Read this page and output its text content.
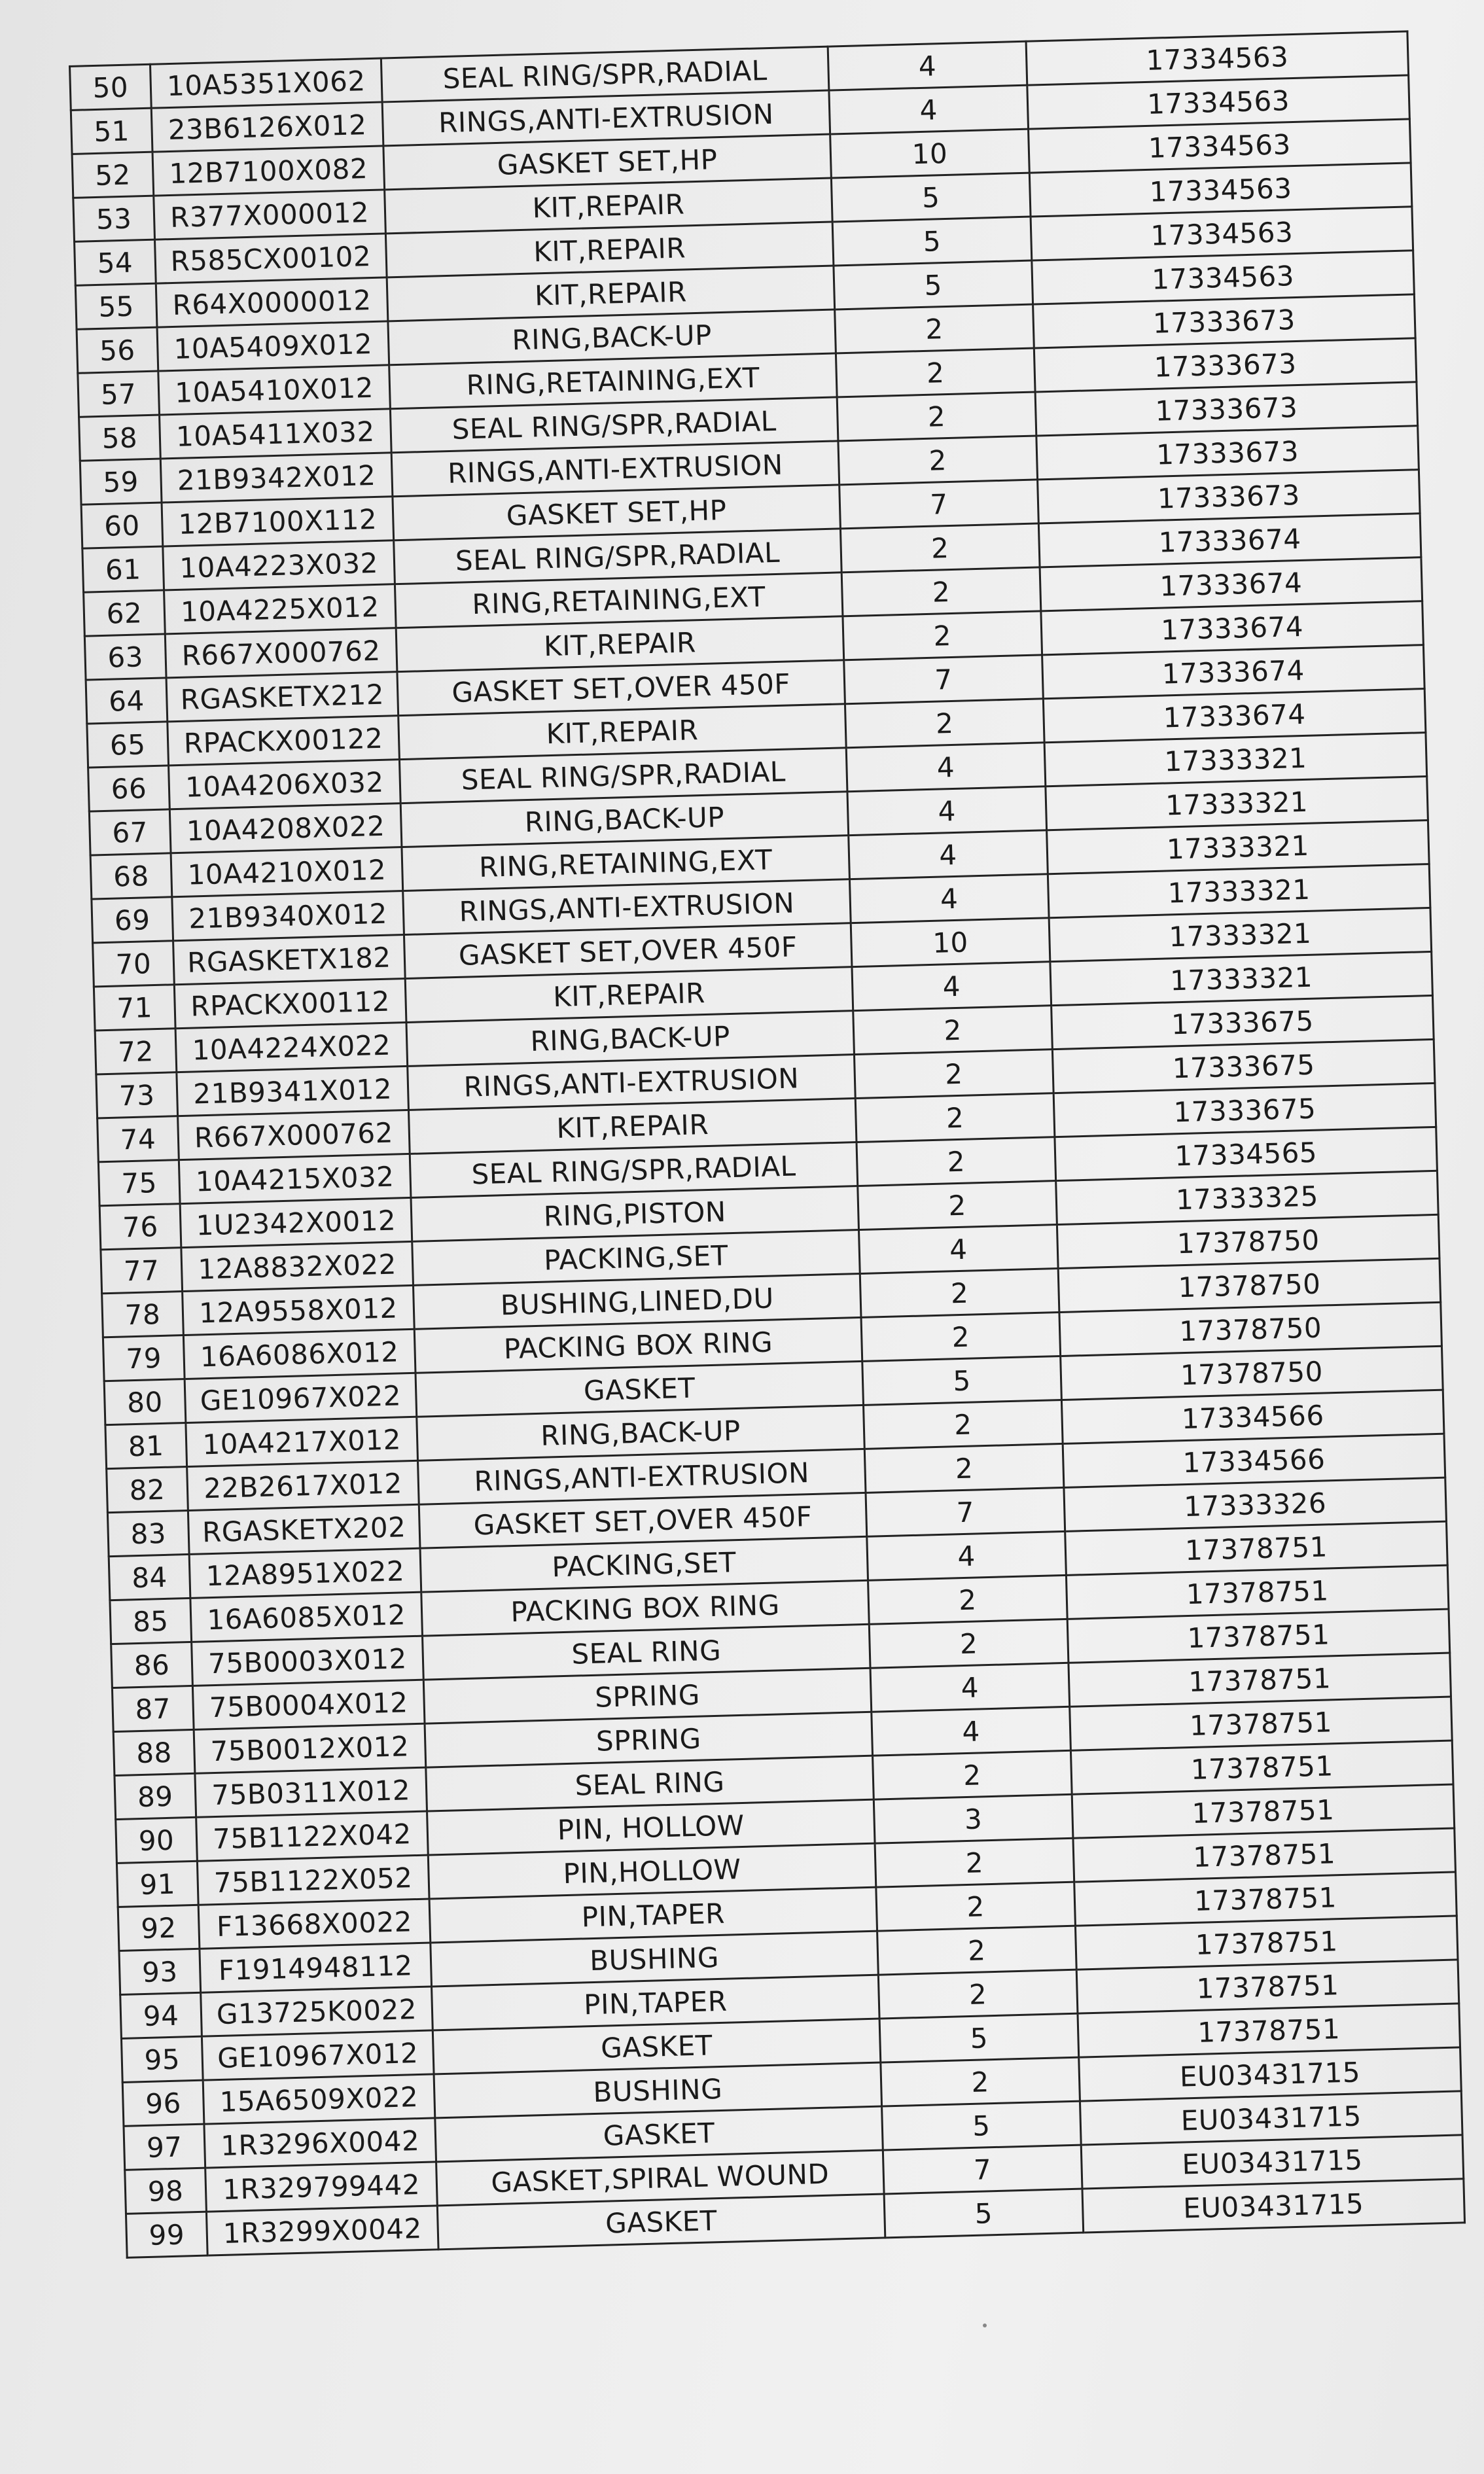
50	10A5351X062	SEAL RING/SPR,RADIAL	4	17334563
51	23B6126X012	RINGS,ANTI-EXTRUSION	4	17334563
52	12B7100X082	GASKET SET,HP	10	17334563
53	R377X000012	KIT,REPAIR	5	17334563
54	R585CX00102	KIT,REPAIR	5	17334563
55	R64X0000012	KIT,REPAIR	5	17334563
56	10A5409X012	RING,BACK-UP	2	17333673
57	10A5410X012	RING,RETAINING,EXT	2	17333673
58	10A5411X032	SEAL RING/SPR,RADIAL	2	17333673
59	21B9342X012	RINGS,ANTI-EXTRUSION	2	17333673
60	12B7100X112	GASKET SET,HP	7	17333673
61	10A4223X032	SEAL RING/SPR,RADIAL	2	17333674
62	10A4225X012	RING,RETAINING,EXT	2	17333674
63	R667X000762	KIT,REPAIR	2	17333674
64	RGASKETX212	GASKET SET,OVER 450F	7	17333674
65	RPACKX00122	KIT,REPAIR	2	17333674
66	10A4206X032	SEAL RING/SPR,RADIAL	4	17333321
67	10A4208X022	RING,BACK-UP	4	17333321
68	10A4210X012	RING,RETAINING,EXT	4	17333321
69	21B9340X012	RINGS,ANTI-EXTRUSION	4	17333321
70	RGASKETX182	GASKET SET,OVER 450F	10	17333321
71	RPACKX00112	KIT,REPAIR	4	17333321
72	10A4224X022	RING,BACK-UP	2	17333675
73	21B9341X012	RINGS,ANTI-EXTRUSION	2	17333675
74	R667X000762	KIT,REPAIR	2	17333675
75	10A4215X032	SEAL RING/SPR,RADIAL	2	17334565
76	1U2342X0012	RING,PISTON	2	17333325
77	12A8832X022	PACKING,SET	4	17378750
78	12A9558X012	BUSHING,LINED,DU	2	17378750
79	16A6086X012	PACKING BOX RING	2	17378750
80	GE10967X022	GASKET	5	17378750
81	10A4217X012	RING,BACK-UP	2	17334566
82	22B2617X012	RINGS,ANTI-EXTRUSION	2	17334566
83	RGASKETX202	GASKET SET,OVER 450F	7	17333326
84	12A8951X022	PACKING,SET	4	17378751
85	16A6085X012	PACKING BOX RING	2	17378751
86	75B0003X012	SEAL RING	2	17378751
87	75B0004X012	SPRING	4	17378751
88	75B0012X012	SPRING	4	17378751
89	75B0311X012	SEAL RING	2	17378751
90	75B1122X042	PIN, HOLLOW	3	17378751
91	75B1122X052	PIN,HOLLOW	2	17378751
92	F13668X0022	PIN,TAPER	2	17378751
93	F1914948112	BUSHING	2	17378751
94	G13725K0022	PIN,TAPER	2	17378751
95	GE10967X012	GASKET	5	17378751
96	15A6509X022	BUSHING	2	EU03431715
97	1R3296X0042	GASKET	5	EU03431715
98	1R329799442	GASKET,SPIRAL WOUND	7	EU03431715
99	1R3299X0042	GASKET	5	EU03431715
